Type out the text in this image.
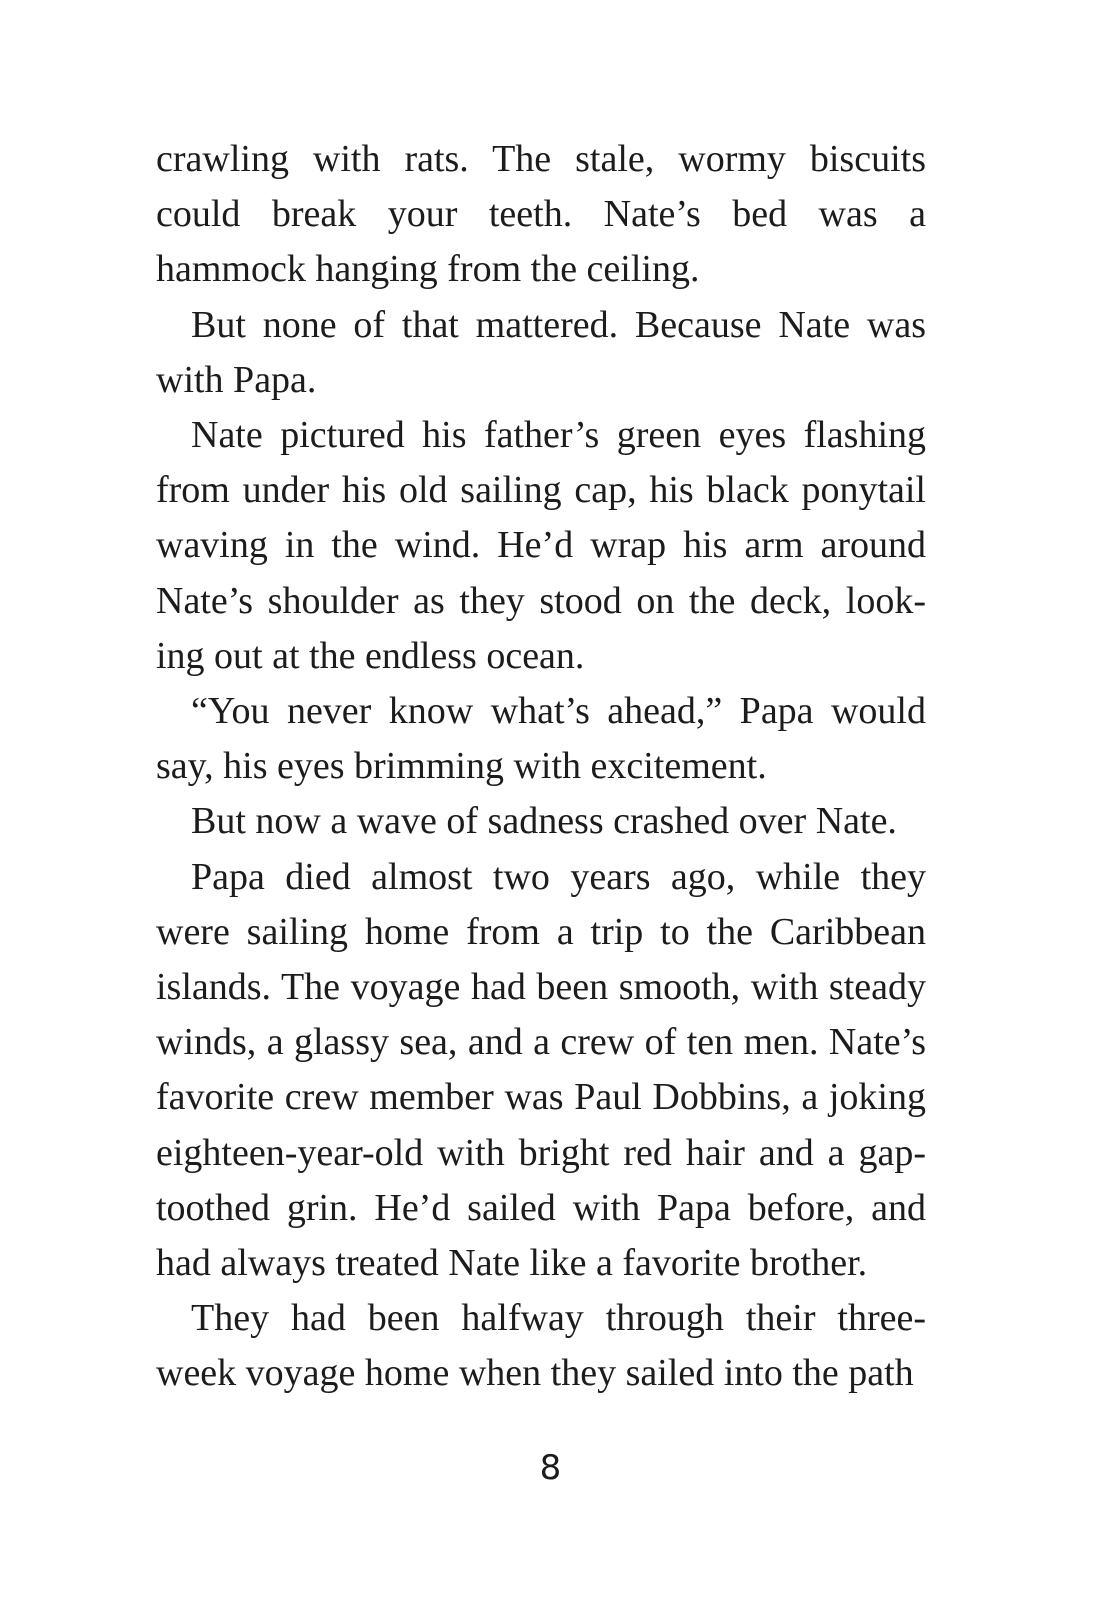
crawling with rats. The stale, wormy biscuits could break your teeth. Nate’s bed was a hammock hanging from the ceiling.

But none of that mattered. Because Nate was with Papa.

Nate pictured his father’s green eyes flashing from under his old sailing cap, his black ponytail waving in the wind. He’d wrap his arm around Nate’s shoulder as they stood on the deck, look-ing out at the endless ocean.

“You never know what’s ahead,” Papa would say, his eyes brimming with excitement.

But now a wave of sadness crashed over Nate.

Papa died almost two years ago, while they were sailing home from a trip to the Caribbean islands. The voyage had been smooth, with steady winds, a glassy sea, and a crew of ten men. Nate’s favorite crew member was Paul Dobbins, a joking eighteen-year-old with bright red hair and a gap-toothed grin. He’d sailed with Papa before, and had always treated Nate like a favorite brother.

They had been halfway through their three-week voyage home when they sailed into the path

8
